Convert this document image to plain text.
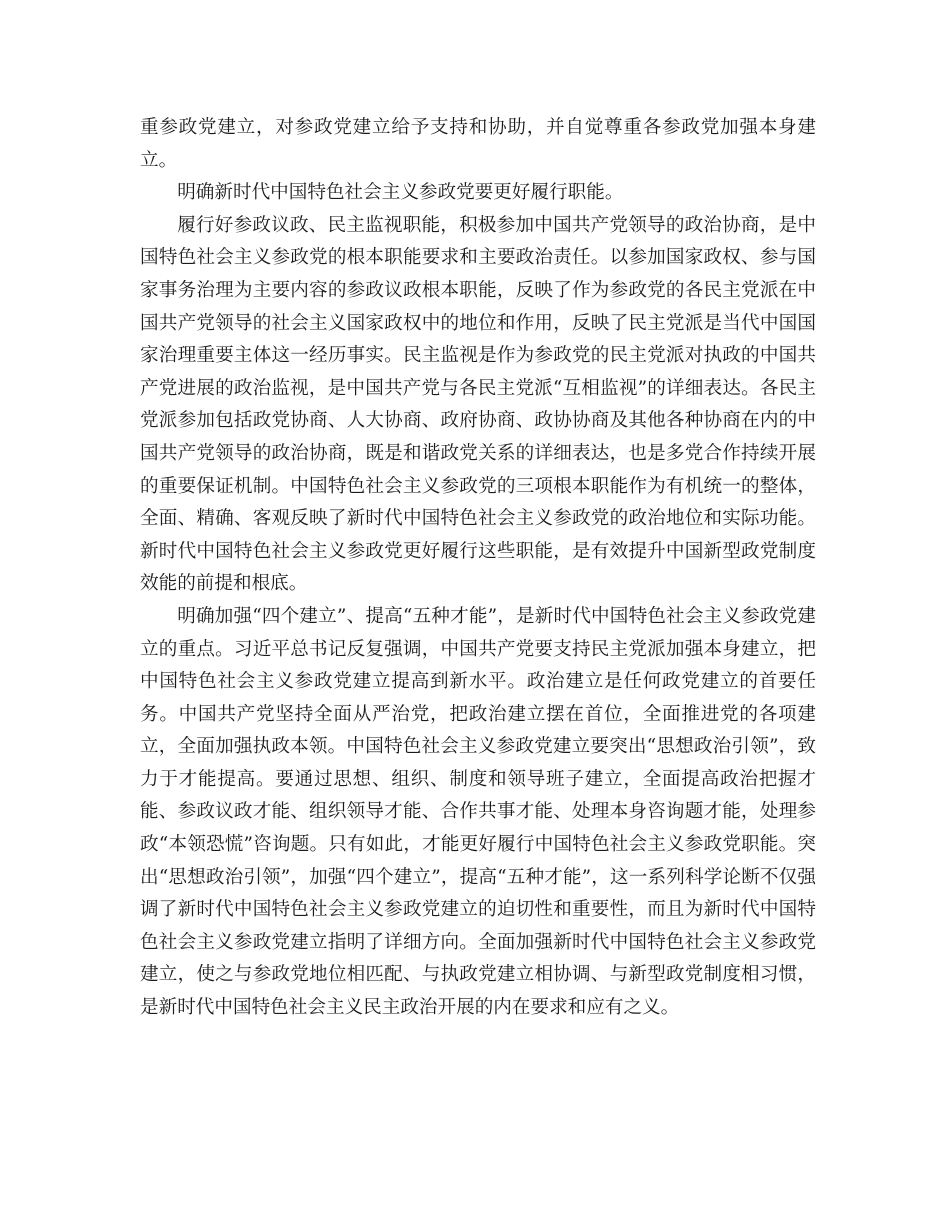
重参政党建立，对参政党建立给予支持和协助，并自觉尊重各参政党加强本身建立。

明确新时代中国特色社会主义参政党要更好履行职能。

履行好参政议政、民主监视职能，积极参加中国共产党领导的政治协商，是中国特色社会主义参政党的根本职能要求和主要政治责任。以参加国家政权、参与国家事务治理为主要内容的参政议政根本职能，反映了作为参政党的各民主党派在中国共产党领导的社会主义国家政权中的地位和作用，反映了民主党派是当代中国国家治理重要主体这一经历事实。民主监视是作为参政党的民主党派对执政的中国共产党进展的政治监视，是中国共产党与各民主党派“互相监视”的详细表达。各民主党派参加包括政党协商、人大协商、政府协商、政协协商及其他各种协商在内的中国共产党领导的政治协商，既是和谐政党关系的详细表达，也是多党合作持续开展的重要保证机制。中国特色社会主义参政党的三项根本职能作为有机统一的整体，全面、精确、客观反映了新时代中国特色社会主义参政党的政治地位和实际功能。新时代中国特色社会主义参政党更好履行这些职能，是有效提升中国新型政党制度效能的前提和根底。

明确加强“四个建立”、提高“五种才能”，是新时代中国特色社会主义参政党建立的重点。习近平总书记反复强调，中国共产党要支持民主党派加强本身建立，把中国特色社会主义参政党建立提高到新水平。政治建立是任何政党建立的首要任务。中国共产党坚持全面从严治党，把政治建立摆在首位，全面推进党的各项建立，全面加强执政本领。中国特色社会主义参政党建立要突出“思想政治引领”，致力于才能提高。要通过思想、组织、制度和领导班子建立，全面提高政治把握才能、参政议政才能、组织领导才能、合作共事才能、处理本身咨询题才能，处理参政“本领恐慌”咨询题。只有如此，才能更好履行中国特色社会主义参政党职能。突出“思想政治引领”，加强“四个建立”，提高“五种才能”，这一系列科学论断不仅强调了新时代中国特色社会主义参政党建立的迫切性和重要性，而且为新时代中国特色社会主义参政党建立指明了详细方向。全面加强新时代中国特色社会主义参政党建立，使之与参政党地位相匹配、与执政党建立相协调、与新型政党制度相习惯，是新时代中国特色社会主义民主政治开展的内在要求和应有之义。
